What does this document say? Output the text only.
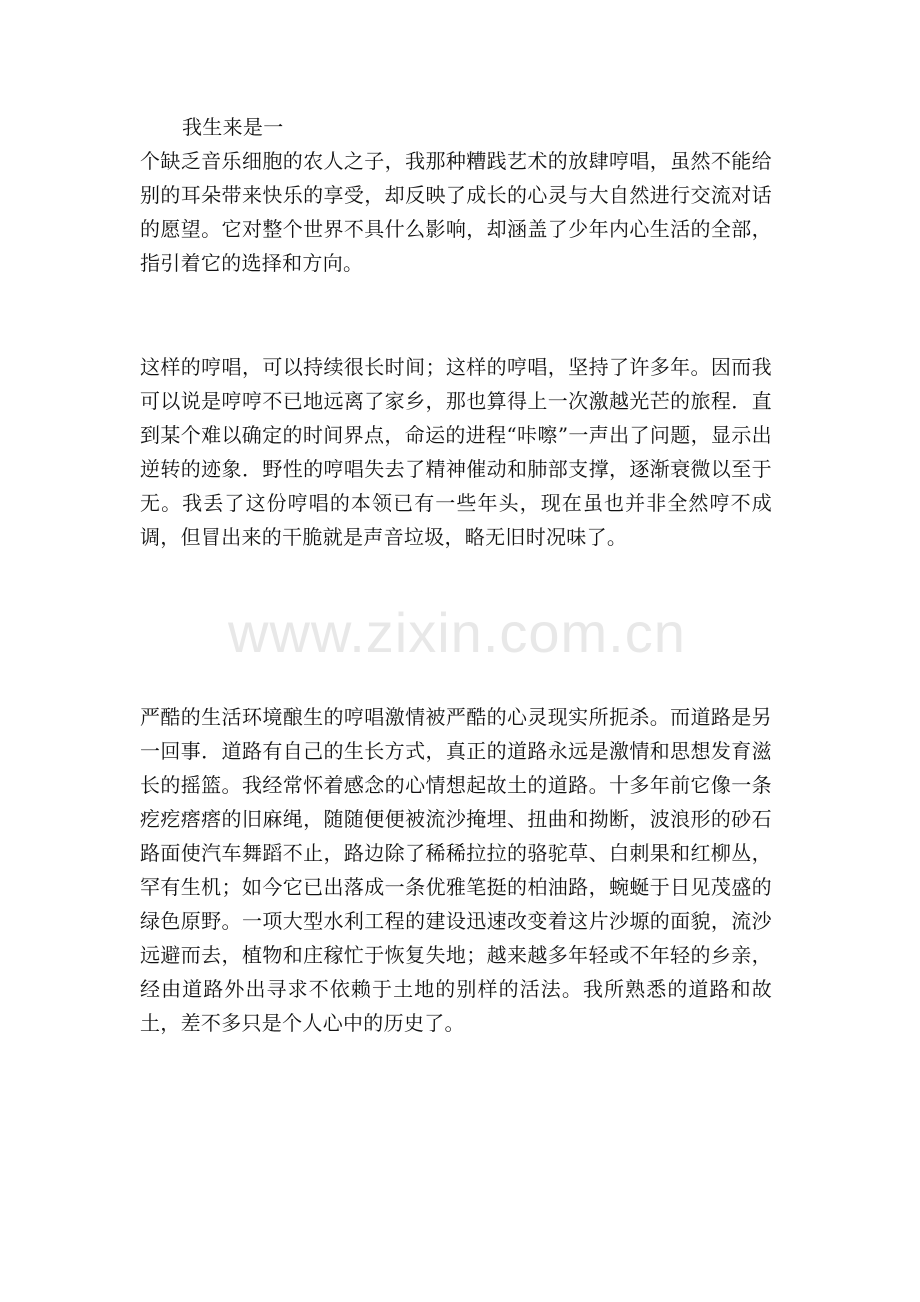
www.zixin.com.cn

我生来是一
个缺乏音乐细胞的农人之子，我那种糟践艺术的放肆哼唱，虽然不能给别的耳朵带来快乐的享受，却反映了成长的心灵与大自然进行交流对话的愿望。它对整个世界不具什么影响，却涵盖了少年内心生活的全部，指引着它的选择和方向。

这样的哼唱，可以持续很长时间；这样的哼唱，坚持了许多年。因而我可以说是哼哼不已地远离了家乡，那也算得上一次激越光芒的旅程．直到某个难以确定的时间界点，命运的进程“咔嚓”一声出了问题，显示出逆转的迹象．野性的哼唱失去了精神催动和肺部支撑，逐渐衰微以至于无。我丢了这份哼唱的本领已有一些年头，现在虽也并非全然哼不成调，但冒出来的干脆就是声音垃圾，略无旧时况味了。

严酷的生活环境酿生的哼唱激情被严酷的心灵现实所扼杀。而道路是另一回事．道路有自己的生长方式，真正的道路永远是激情和思想发育滋长的摇篮。我经常怀着感念的心情想起故土的道路。十多年前它像一条疙疙瘩瘩的旧麻绳，随随便便被流沙掩埋、扭曲和拗断，波浪形的砂石路面使汽车舞蹈不止，路边除了稀稀拉拉的骆驼草、白刺果和红柳丛，罕有生机；如今它已出落成一条优雅笔挺的柏油路，蜿蜒于日见茂盛的绿色原野。一项大型水利工程的建设迅速改变着这片沙塬的面貌，流沙远避而去，植物和庄稼忙于恢复失地；越来越多年轻或不年轻的乡亲，经由道路外出寻求不依赖于土地的别样的活法。我所熟悉的道路和故土，差不多只是个人心中的历史了。
